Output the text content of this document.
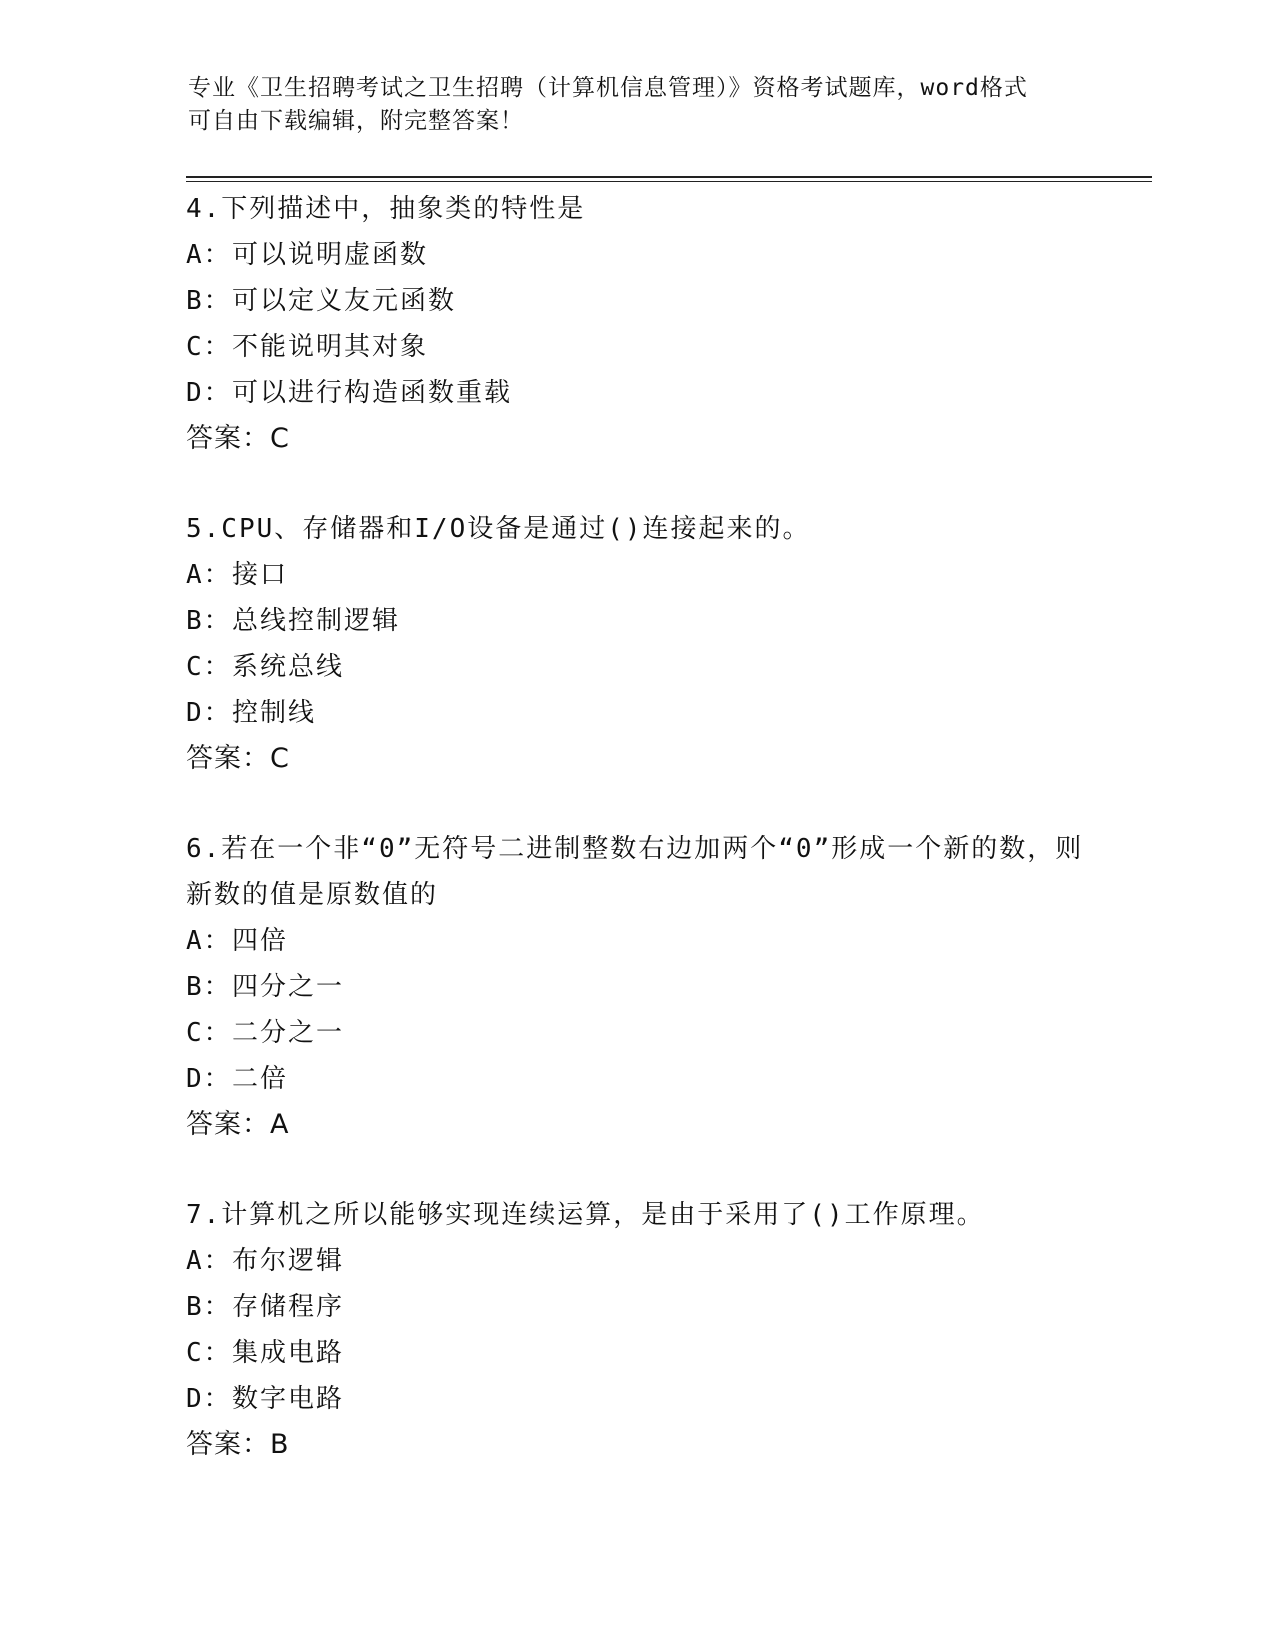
专业《卫生招聘考试之卫生招聘（计算机信息管理）》资格考试题库，word格式
可自由下载编辑，附完整答案！

4.下列描述中，抽象类的特性是

A：可以说明虚函数
B：可以定义友元函数
C：不能说明其对象
D：可以进行构造函数重载

答案：C

5.CPU、存储器和I/O设备是通过()连接起来的。

A：接口
B：总线控制逻辑
C：系统总线
D：控制线

答案：C

6.若在一个非“0”无符号二进制整数右边加两个“0”形成一个新的数，则新数的值是原数值的

A：四倍
B：四分之一
C：二分之一
D：二倍

答案：A

7.计算机之所以能够实现连续运算，是由于采用了()工作原理。

A：布尔逻辑
B：存储程序
C：集成电路
D：数字电路

答案：B
